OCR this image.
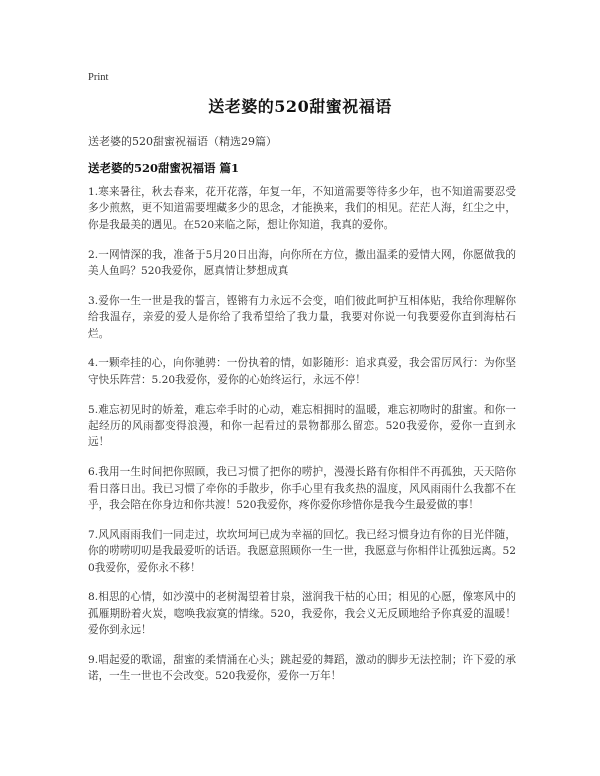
Print
送老婆的520甜蜜祝福语
送老婆的520甜蜜祝福语（精选29篇）
送老婆的520甜蜜祝福语 篇1

1.寒来暑往，秋去春来，花开花落，年复一年，不知道需要等待多少年，也不知道需要忍受多少煎熬，更不知道需要埋藏多少的思念，才能换来，我们的相见。茫茫人海，红尘之中，你是我最美的遇见。在520来临之际，想让你知道，我真的爱你。

2.一网情深的我，准备于5月20日出海，向你所在方位，撒出温柔的爱情大网，你愿做我的美人鱼吗？520我爱你，愿真情让梦想成真

3.爱你一生一世是我的誓言，铿锵有力永远不会变，咱们彼此呵护互相体贴，我给你理解你给我温存，亲爱的爱人是你给了我希望给了我力量，我要对你说一句我要爱你直到海枯石烂。

4.一颗牵挂的心，向你驰骋：一份执着的情，如影随形：追求真爱，我会雷厉风行：为你坚守快乐阵营：5.20我爱你，爱你的心始终运行，永远不停！

5.难忘初见时的娇羞，难忘牵手时的心动，难忘相拥时的温暖，难忘初吻时的甜蜜。和你一起经历的风雨都变得浪漫，和你一起看过的景物都那么留恋。520我爱你，爱你一直到永远！

6.我用一生时间把你照顾，我已习惯了把你的唠护，漫漫长路有你相伴不再孤独，天天陪你看日落日出。我已习惯了牵你的手散步，你手心里有我炙热的温度，风风雨雨什么我都不在乎，我会陪在你身边和你共渡！520我爱你，疼你爱你珍惜你是我今生最爱做的事！

7.风风雨雨我们一同走过，坎坎坷坷已成为幸福的回忆。我已经习惯身边有你的目光伴随，你的唠唠叨叨是我最爱听的话语。我愿意照顾你一生一世，我愿意与你相伴让孤独远离。520我爱你，爱你永不移！

8.相思的心情，如沙漠中的老树渴望着甘泉，滋润我干枯的心田；相见的心愿，像寒风中的孤雁期盼着火炭，唿唤我寂寞的情缘。520，我爱你，我会义无反顾地给予你真爱的温暖！爱你到永远！

9.唱起爱的歌谣，甜蜜的柔情涌在心头；跳起爱的舞蹈，激动的脚步无法控制；许下爱的承诺，一生一世也不会改变。520我爱你，爱你一万年！
